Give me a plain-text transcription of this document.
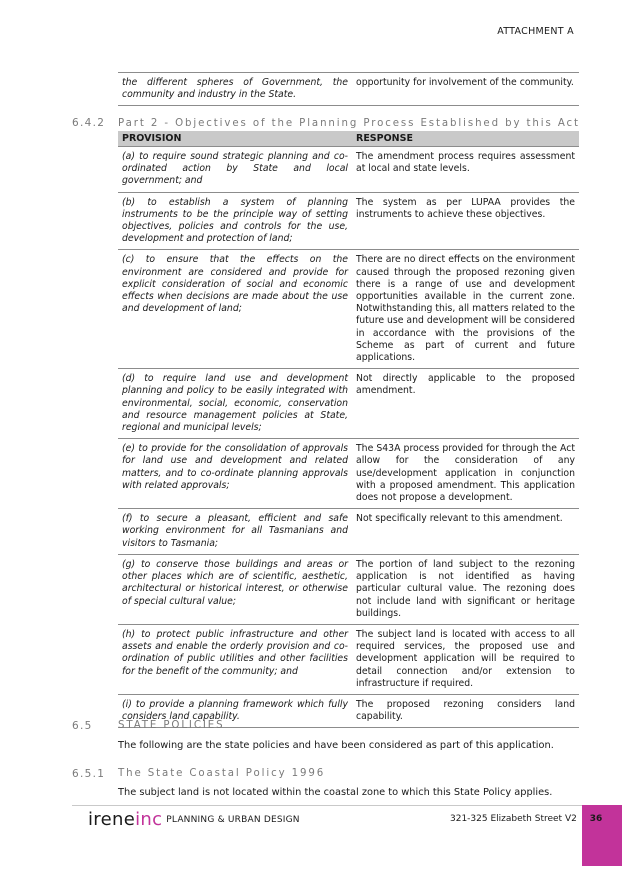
ATTACHMENT A
the different spheres of Government, the community and industry in the State.	opportunity for involvement of the community.
6.4.2 Part 2 - Objectives of the Planning Process Established by this Act
PROVISION	RESPONSE
(a) to require sound strategic planning and co-ordinated action by State and local government; and	The amendment process requires assessment at local and state levels.
(b) to establish a system of planning instruments to be the principle way of setting objectives, policies and controls for the use, development and protection of land;	The system as per LUPAA provides the instruments to achieve these objectives.
(c) to ensure that the effects on the environment are considered and provide for explicit consideration of social and economic effects when decisions are made about the use and development of land;	There are no direct effects on the environment caused through the proposed rezoning given there is a range of use and development opportunities available in the current zone. Notwithstanding this, all matters related to the future use and development will be considered in accordance with the provisions of the Scheme as part of current and future applications.
(d) to require land use and development planning and policy to be easily integrated with environmental, social, economic, conservation and resource management policies at State, regional and municipal levels;	Not directly applicable to the proposed amendment.
(e) to provide for the consolidation of approvals for land use and development and related matters, and to co-ordinate planning approvals with related approvals;	The S43A process provided for through the Act allow for the consideration of any use/development application in conjunction with a proposed amendment. This application does not propose a development.
(f) to secure a pleasant, efficient and safe working environment for all Tasmanians and visitors to Tasmania;	Not specifically relevant to this amendment.
(g) to conserve those buildings and areas or other places which are of scientific, aesthetic, architectural or historical interest, or otherwise of special cultural value;	The portion of land subject to the rezoning application is not identified as having particular cultural value. The rezoning does not include land with significant or heritage buildings.
(h) to protect public infrastructure and other assets and enable the orderly provision and co-ordination of public utilities and other facilities for the benefit of the community; and	The subject land is located with access to all required services, the proposed use and development application will be required to detail connection and/or extension to infrastructure if required.
(i) to provide a planning framework which fully considers land capability.	The proposed rezoning considers land capability.
6.5 STATE POLICIES
The following are the state policies and have been considered as part of this application.
6.5.1 The State Coastal Policy 1996
The subject land is not located within the coastal zone to which this State Policy applies.
ireneinc PLANNING & URBAN DESIGN	321-325 Elizabeth Street V2	36
